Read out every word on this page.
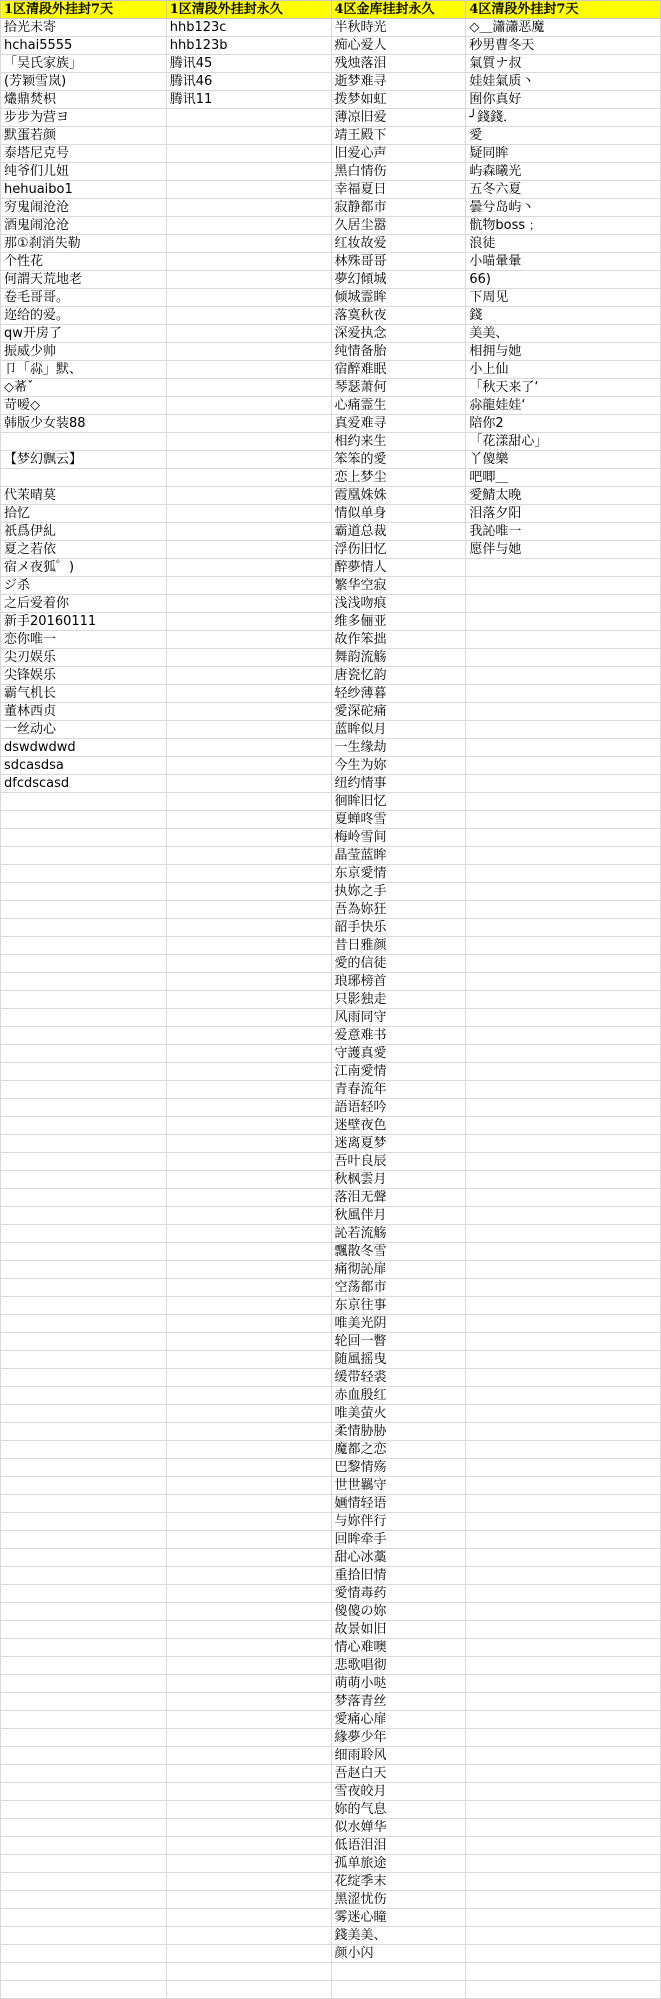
1区清段外挂封7天	1区清段外挂封永久	4区金库挂封永久	4区清段外挂封7天
拾光未寄	hhb123c	半秋時光	◇＿瀟瀟恶魔
hchai5555	hhb123b	痴心爱人	秒男曹冬天
「吴氏家族」	腾讯45	残烛落泪	氣質ナ叔
(芳颖雪岚)	腾讯46	逝梦难寻	娃娃氣质丶
爜鼎焚枳	腾讯11	拨梦如虹	囿你真好
步步为营ヨ		薄凉旧爱	╯錢錢．
默蛋若颜		靖王殿下	愛
泰塔尼克号		旧爱心声	疑同眸
纯爷们儿妞		黑白情伤	屿森曦光
hehuaibo1		幸福夏日	五冬六夏
穷鬼闹沧沧		寂静都市	曇兮岛屿丶
酒鬼闹沧沧		久居尘嚣	骯物boss﹔
那①刹消失勒		红妆故爱	浪徒
个性花		林殊哥哥	小喵暈暈
何謂天荒地老		夢幻傾城	66)
卷毛哥哥。		倾城霊眸	下周见
迩给的爱。		落寞秋夜	錢
qw开房了		深爱执念	美美、
振威少帅		纯情备胎	相拥与她
卩「尛」默、		宿醉难眠	小上仙
◇莃ˇ		琴瑟萧何	「秋天来了‘
苛嗳◇		心痛霊生	尛龍娃娃‘
韩版少女装88		真爱难寻	陪你2
		相约来生	「花漾甜心」
【梦幻飘云】		笨笨的愛	丫傻樂
		恋上梦尘	吧唧＿
代茉晴莫		霞凰姝姝	愛鯖太晚
拾忆		情似单身	泪落夕阳
祇爲伊糺		霸道总裁	我訫唯一
夏之若依		浮伤旧忆	愿伴与她
宿メ夜狐゜)		醉夢情人	
ジ杀		繁华空寂	
之后爱着你		浅浅吻痕	
新手20160111		维多俪亚	
恋你唯一		故作笨拙	
尖刃娱乐		舞韵流觞	
尖锋娱乐		唐瓷忆韵	
霸气机长		轻纱薄暮	
董林西贞		愛深砣痛	
一丝动心		蓝眸似月	
dswdwdwd		一生缘劫	
sdcasdsa		今生为妳	
dfcdscasd		纽约情事	
		徊眸旧忆	
		夏蝉咚雪	
		梅岭雪间	
		晶莹蓝眸	
		东京愛情	
		执妳之手	
		吾為妳狂	
		韶手快乐	
		昔日雅颜	
		愛的信徒	
		琅琊榜首	
		只影独走	
		风雨同守	
		爱意难书	
		守護真愛	
		江南愛情	
		青春流年	
		語语轻吟	
		迷壁夜色	
		迷离夏梦	
		吾叶良辰	
		秋枫雲月	
		落泪无聲	
		秋風伴月	
		訫若流觞	
		飄散冬雪	
		痛彻訫扉	
		空荡都市	
		东京往事	
		唯美光阴	
		轮回一瞥	
		随風摇曳	
		缓带轻裘	
		赤血殷红	
		唯美萤火	
		柔情胁胁	
		魔都之恋	
		巴黎情殇	
		世世羈守	
		婳情轻语	
		与妳伴行	
		回眸牵手	
		甜心冰藁	
		重拾旧情	
		愛情毒药	
		傻傻の妳	
		故景如旧	
		情心难噢	
		悲歌唱彻	
		萌萌小哒	
		梦落青丝	
		愛痛心扉	
		緣夢少年	
		细雨聆风	
		吾赵白天	
		雪夜皎月	
		妳的气息	
		似水婵华	
		低语泪泪	
		孤单旅途	
		花绽季末	
		黑涩忧伤	
		雾迷心瞳	
		錢美美、	
		颜小闪	
